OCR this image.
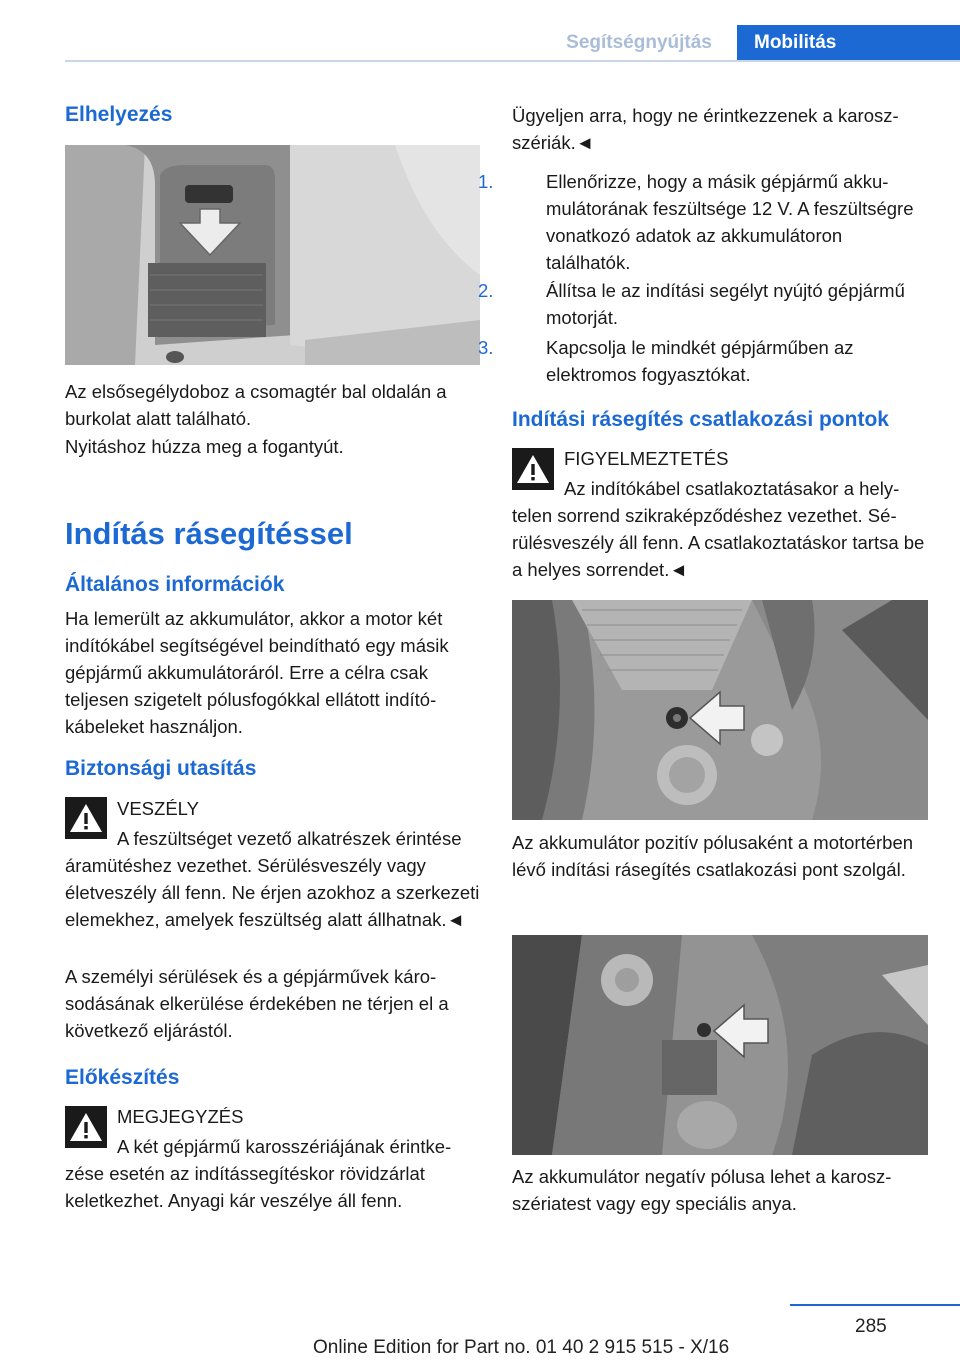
Segítségnyújtás	Mobilitás
Elhelyezés
Az elsősegélydoboz a csomagtér bal oldalán a burkolat alatt található.
Nyitáshoz húzza meg a fogantyút.
Indítás rásegítéssel
Általános információk
Ha lemerült az akkumulátor, akkor a motor két indítókábel segítségével beindítható egy másik gépjármű akkumulátoráról. Erre a célra csak teljesen szigetelt pólusfogókkal ellátott indítókábeleket használjon.
Biztonsági utasítás
VESZÉLY
A feszültséget vezető alkatrészek érintése áramütéshez vezethet. Sérülésveszély vagy életveszély áll fenn. Ne érjen azokhoz a szerkezeti elemekhez, amelyek feszültség alatt állhatnak.◄
A személyi sérülések és a gépjárművek károsodásának elkerülése érdekében ne térjen el a következő eljárástól.
Előkészítés
MEGJEGYZÉS
A két gépjármű karosszériájának érintkezése esetén az indítássegítéskor rövidzárlat keletkezhet. Anyagi kár veszélye áll fenn.
Ügyeljen arra, hogy ne érintkezzenek a karoszszériák.◄
1.	Ellenőrizze, hogy a másik gépjármű akkumulátorának feszültsége 12 V. A feszültségre vonatkozó adatok az akkumulátoron találhatók.
2.	Állítsa le az indítási segélyt nyújtó gépjármű motorját.
3.	Kapcsolja le mindkét gépjárműben az elektromos fogyasztókat.
Indítási rásegítés csatlakozási pontok
FIGYELMEZTETÉS
Az indítókábel csatlakoztatásakor a helytelen sorrend szikraképződéshez vezethet. Sérülésveszély áll fenn. A csatlakoztatáskor tartsa be a helyes sorrendet.◄
Az akkumulátor pozitív pólusaként a motortérben lévő indítási rásegítés csatlakozási pont szolgál.
Az akkumulátor negatív pólusa lehet a karoszszériatest vagy egy speciális anya.
285
Online Edition for Part no. 01 40 2 915 515 - X/16
